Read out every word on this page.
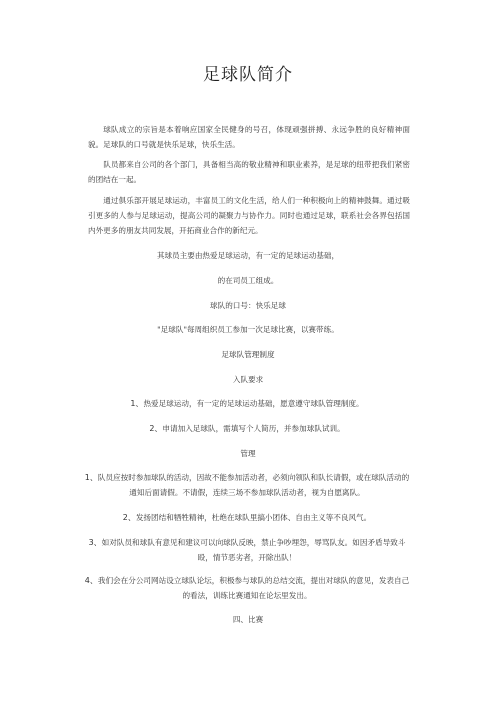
足球队简介
球队成立的宗旨是本着响应国家全民健身的号召，体现顽强拼搏、永远争胜的良好精神面貌。足球队的口号就是快乐足球，快乐生活。
队员都来自公司的各个部门，具备相当高的敬业精神和职业素养，是足球的纽带把我们紧密的团结在一起。
通过俱乐部开展足球运动，丰富员工的文化生活，给人们一种积极向上的精神鼓舞。通过吸引更多的人参与足球运动，提高公司的凝聚力与协作力。同时也通过足球，联系社会各界包括国内外更多的朋友共同发展，开拓商业合作的新纪元。
其球员主要由热爱足球运动，有一定的足球运动基础，
的在司员工组成。
球队的口号：快乐足球
"足球队"每周组织员工参加一次足球比赛，以赛带练。
足球队管理制度
入队要求
1、热爱足球运动，有一定的足球运动基础，愿意遵守球队管理制度。
2、申请加入足球队，需填写个人简历，并参加球队试训。
管理
1、队员应按时参加球队的活动，因故不能参加活动者，必须向领队和队长请假，或在球队活动的通知后面请假。不请假，连续三场不参加球队活动者，视为自愿离队。
2、发扬团结和牺牲精神，杜绝在球队里搞小团体、自由主义等不良风气。
3、如对队员和球队有意见和建议可以向球队反映，禁止争吵埋怨，辱骂队友。如因矛盾导致斗殴，情节恶劣者，开除出队！
4、我们会在分公司网站设立球队论坛，积极参与球队的总结交流，提出对球队的意见，发表自己的看法，训练比赛通知在论坛里发出。
四、比赛
